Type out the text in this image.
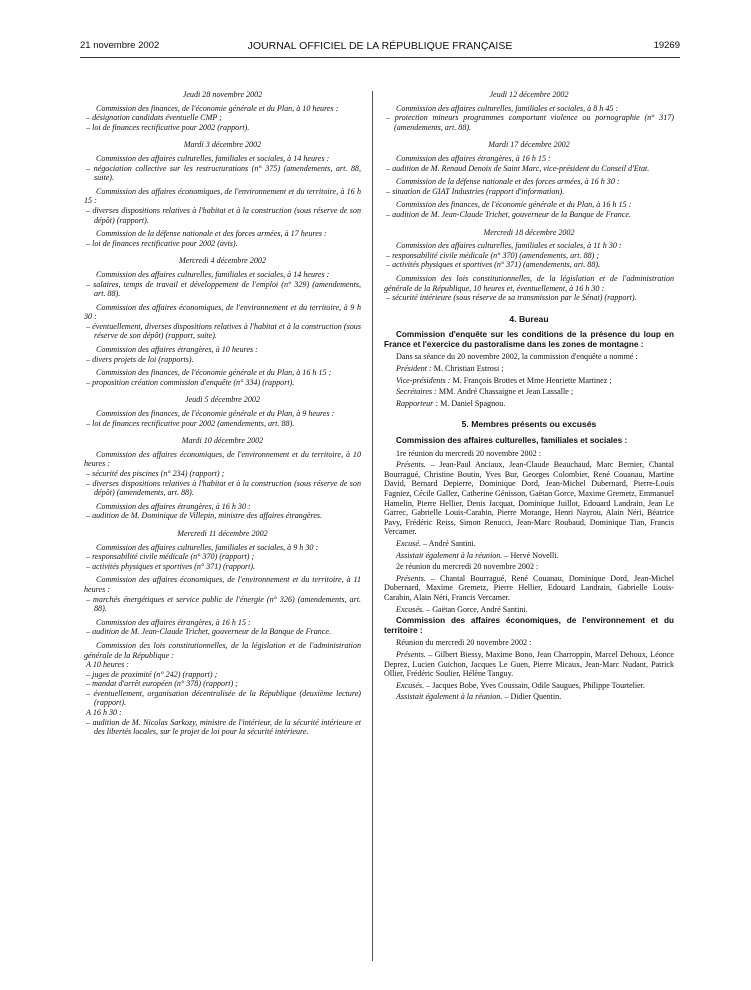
21 novembre 2002	JOURNAL OFFICIEL DE LA RÉPUBLIQUE FRANÇAISE	19269
Jeudi 28 novembre 2002
Commission des finances, de l'économie générale et du Plan, à 10 heures :
– désignation candidats éventuelle CMP ;
– loi de finances rectificative pour 2002 (rapport).
Mardi 3 décembre 2002
Commission des affaires culturelles, familiales et sociales, à 14 heures :
– négociation collective sur les restructurations (n° 375) (amendements, art. 88, suite).
Commission des affaires économiques, de l'environnement et du territoire, à 16 h 15 :
– diverses dispositions relatives à l'habitat et à la construction (sous réserve de son dépôt) (rapport).
Commission de la défense nationale et des forces armées, à 17 heures :
– loi de finances rectificative pour 2002 (avis).
Mercredi 4 décembre 2002
Commission des affaires culturelles, familiales et sociales, à 14 heures :
– salaires, temps de travail et développement de l'emploi (n° 329) (amendements, art. 88).
Commission des affaires économiques, de l'environnement et du territoire, à 9 h 30 :
– éventuellement, diverses dispositions relatives à l'habitat et à la construction (sous réserve de son dépôt) (rapport, suite).
Commission des affaires étrangères, à 10 heures :
– divers projets de loi (rapports).
Commission des finances, de l'économie générale et du Plan, à 16 h 15 :
– proposition création commission d'enquête (n° 334) (rapport).
Jeudi 5 décembre 2002
Commission des finances, de l'économie générale et du Plan, à 9 heures :
– loi de finances rectificative pour 2002 (amendements, art. 88).
Mardi 10 décembre 2002
Commission des affaires économiques, de l'environnement et du territoire, à 10 heures :
– sécurité des piscines (n° 234) (rapport) ;
– diverses dispositions relatives à l'habitat et à la construction (sous réserve de son dépôt) (amendements, art. 88).
Commission des affaires étrangères, à 16 h 30 :
– audition de M. Dominique de Villepin, ministre des affaires étrangères.
Mercredi 11 décembre 2002
Commission des affaires culturelles, familiales et sociales, à 9 h 30 :
– responsabilité civile médicale (n° 370) (rapport) ;
– activités physiques et sportives (n° 371) (rapport).
Commission des affaires économiques, de l'environnement et du territoire, à 11 heures :
– marchés énergétiques et service public de l'énergie (n° 326) (amendements, art. 88).
Commission des affaires étrangères, à 16 h 15 :
– audition de M. Jean-Claude Trichet, gouverneur de la Banque de France.
Commission des lois constitutionnelles, de la législation et de l'administration générale de la République :
A 10 heures :
– juges de proximité (n° 242) (rapport) ;
– mandat d'arrêt européen (n° 378) (rapport) ;
– éventuellement, organisation décentralisée de la République (deuxième lecture) (rapport).
A 16 h 30 :
– audition de M. Nicolas Sarkozy, ministre de l'intérieur, de la sécurité intérieure et des libertés locales, sur le projet de loi pour la sécurité intérieure.
Jeudi 12 décembre 2002
Commission des affaires culturelles, familiales et sociales, à 8 h 45 :
– protection mineurs programmes comportant violence ou pornographie (n° 317) (amendements, art. 88).
Mardi 17 décembre 2002
Commission des affaires étrangères, à 16 h 15 :
– audition de M. Renaud Denoix de Saint Marc, vice-président du Conseil d'Etat.
Commission de la défense nationale et des forces armées, à 16 h 30 :
– situation de GIAT Industries (rapport d'information).
Commission des finances, de l'économie générale et du Plan, à 16 h 15 :
– audition de M. Jean-Claude Trichet, gouverneur de la Banque de France.
Mercredi 18 décembre 2002
Commission des affaires culturelles, familiales et sociales, à 11 h 30 :
– responsabilité civile médicale (n° 370) (amendements, art. 88) ;
– activités physiques et sportives (n° 371) (amendements, art. 88).
Commission des lois constitutionnelles, de la législation et de l'administration générale de la République, 10 heures et, éventuellement, à 16 h 30 :
– sécurité intérieure (sous réserve de sa transmission par le Sénat) (rapport).
4. Bureau
Commission d'enquête sur les conditions de la présence du loup en France et l'exercice du pastoralisme dans les zones de montagne :
Dans sa séance du 20 novembre 2002, la commission d'enquête a nommé :
Président : M. Christian Estrosi ;
Vice-présidents : M. François Brottes et Mme Henriette Martinez ;
Secrétaires : MM. André Chassaigne et Jean Lassalle ;
Rapporteur : M. Daniel Spagnou.
5. Membres présents ou excusés
Commission des affaires culturelles, familiales et sociales :
1re réunion du mercredi 20 novembre 2002 :
Présents. – Jean-Paul Anciaux, Jean-Claude Beauchaud, Marc Bernier, Chantal Bourragué, Christine Boutin, Yves Bur, Georges Colombier, René Couanau, Martine David, Bernard Depierre, Dominique Dord, Jean-Michel Dubernard, Pierre-Louis Fagniez, Cécile Gallez, Catherine Génisson, Gaëtan Gorce, Maxime Gremetz, Emmanuel Hamelin, Pierre Hellier, Denis Jacquat, Dominique Juillot, Edouard Landrain, Jean Le Garrec, Gabrielle Louis-Carabin, Pierre Morange, Henri Nayrou, Alain Néri, Béatrice Pavy, Frédéric Reiss, Simon Renucci, Jean-Marc Roubaud, Dominique Tian, Francis Vercamer.
Excusé. – André Santini.
Assistait également à la réunion. – Hervé Novelli.
2e réunion du mercredi 20 novembre 2002 :
Présents. – Chantal Bourragué, René Couanau, Dominique Dord, Jean-Michel Dubernard, Maxime Gremetz, Pierre Hellier, Edouard Landrain, Gabrielle Louis-Carabin, Alain Néri, Francis Vercamer.
Excusés. – Gaëtan Gorce, André Santini.
Commission des affaires économiques, de l'environnement et du territoire :
Réunion du mercredi 20 novembre 2002 :
Présents. – Gilbert Biessy, Maxime Bono, Jean Charroppin, Marcel Dehoux, Léonce Deprez, Lucien Guichon, Jacques Le Guen, Pierre Micaux, Jean-Marc Nudant, Patrick Ollier, Frédéric Soulier, Hélène Tanguy.
Excusés. – Jacques Bobe, Yves Coussain, Odile Saugues, Philippe Tourtelier.
Assistait également à la réunion. – Didier Quentin.
